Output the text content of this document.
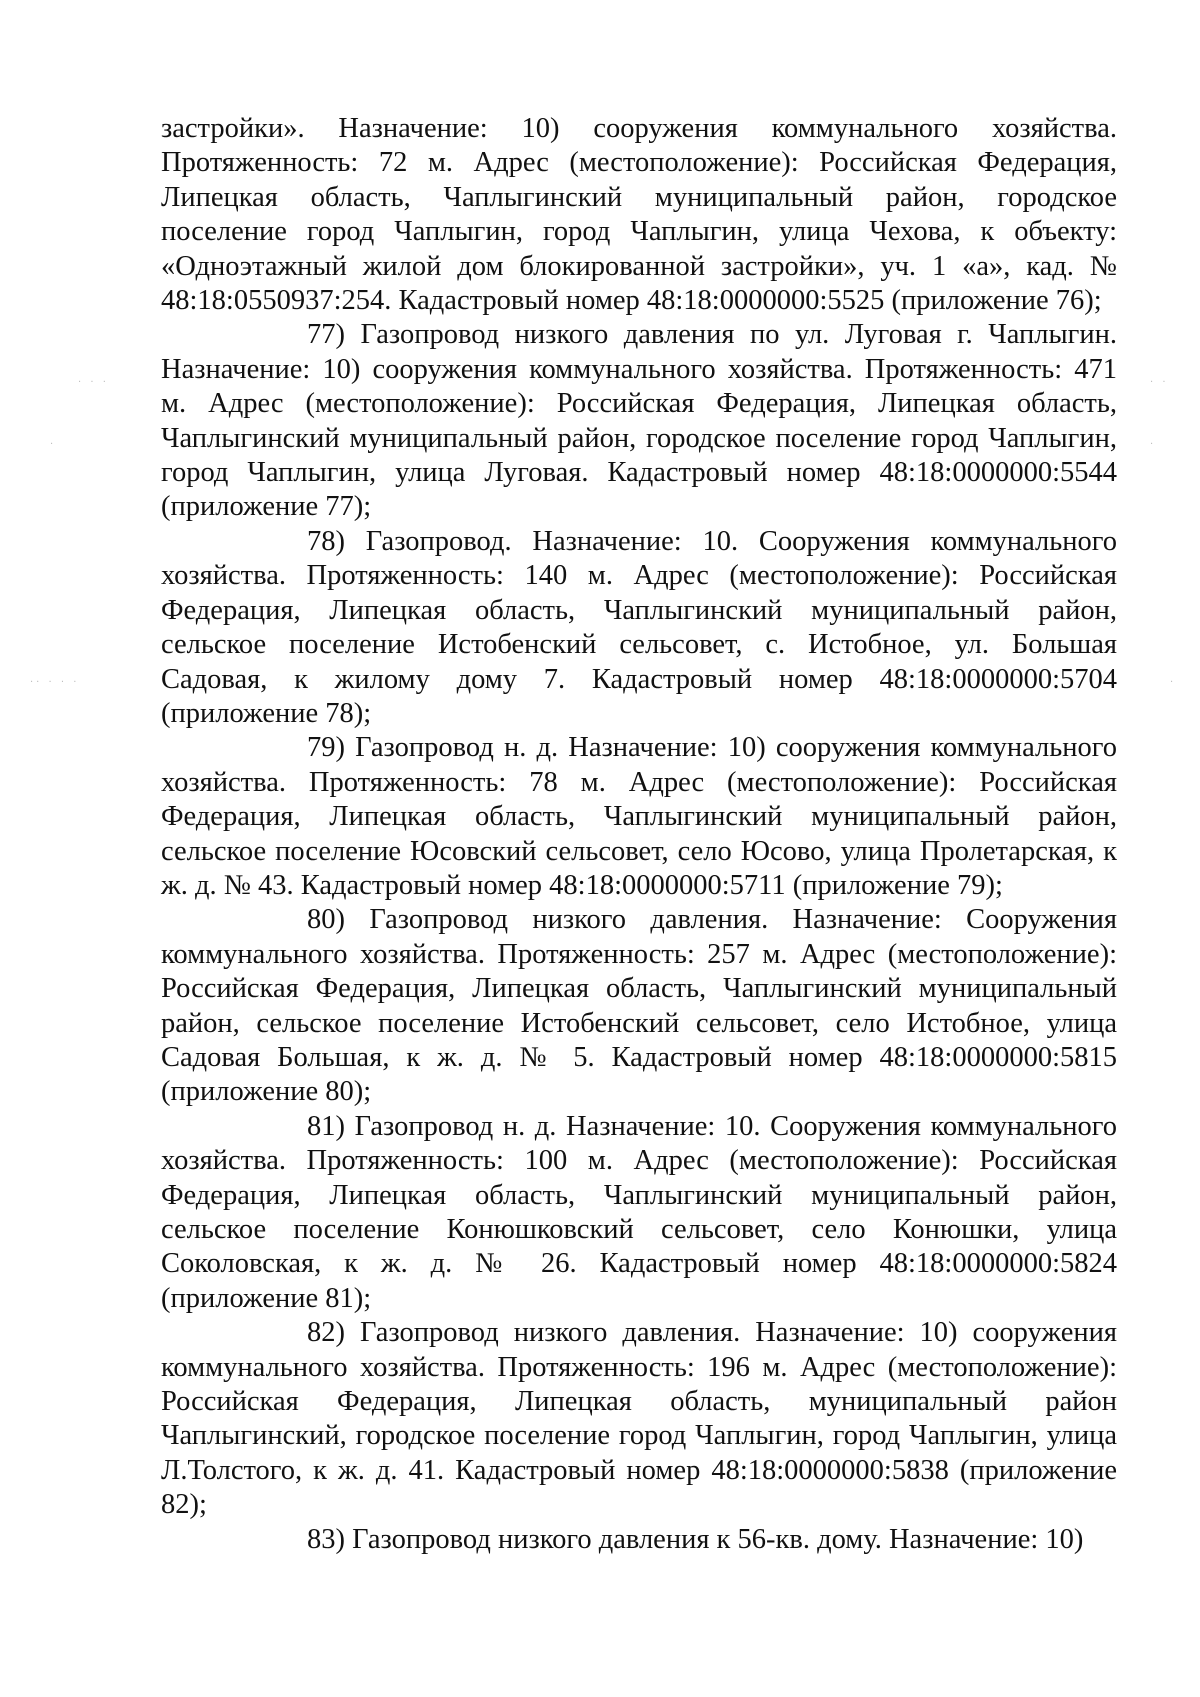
застройки». Назначение: 10) сооружения коммунального хозяйства. Протяженность: 72 м. Адрес (местоположение): Российская Федерация, Липецкая область, Чаплыгинский муниципальный район, городское поселение город Чаплыгин, город Чаплыгин, улица Чехова, к объекту: «Одноэтажный жилой дом блокированной застройки», уч. 1 «а», кад. № 48:18:0550937:254. Кадастровый номер 48:18:0000000:5525 (приложение 76);

77) Газопровод низкого давления по ул. Луговая г. Чаплыгин. Назначение: 10) сооружения коммунального хозяйства. Протяженность: 471 м. Адрес (местоположение): Российская Федерация, Липецкая область, Чаплыгинский муниципальный район, городское поселение город Чаплыгин, город Чаплыгин, улица Луговая. Кадастровый номер 48:18:0000000:5544 (приложение 77);

78) Газопровод. Назначение: 10. Сооружения коммунального хозяйства. Протяженность: 140 м. Адрес (местоположение): Российская Федерация, Липецкая область, Чаплыгинский муниципальный район, сельское поселение Истобенский сельсовет, с. Истобное, ул. Большая Садовая, к жилому дому 7. Кадастровый номер 48:18:0000000:5704 (приложение 78);

79) Газопровод н. д. Назначение: 10) сооружения коммунального хозяйства. Протяженность: 78 м. Адрес (местоположение): Российская Федерация, Липецкая область, Чаплыгинский муниципальный район, сельское поселение Юсовский сельсовет, село Юсово, улица Пролетарская, к ж. д. № 43. Кадастровый номер 48:18:0000000:5711 (приложение 79);

80) Газопровод низкого давления. Назначение: Сооружения коммунального хозяйства. Протяженность: 257 м. Адрес (местоположение): Российская Федерация, Липецкая область, Чаплыгинский муниципальный район, сельское поселение Истобенский сельсовет, село Истобное, улица Садовая Большая, к ж. д. № 5. Кадастровый номер 48:18:0000000:5815 (приложение 80);

81) Газопровод н. д. Назначение: 10. Сооружения коммунального хозяйства. Протяженность: 100 м. Адрес (местоположение): Российская Федерация, Липецкая область, Чаплыгинский муниципальный район, сельское поселение Конюшковский сельсовет, село Конюшки, улица Соколовская, к ж. д. № 26. Кадастровый номер 48:18:0000000:5824 (приложение 81);

82) Газопровод низкого давления. Назначение: 10) сооружения коммунального хозяйства. Протяженность: 196 м. Адрес (местоположение): Российская Федерация, Липецкая область, муниципальный район Чаплыгинский, городское поселение город Чаплыгин, город Чаплыгин, улица Л.Толстого, к ж. д. 41. Кадастровый номер 48:18:0000000:5838 (приложение 82);

83) Газопровод низкого давления к 56-кв. дому. Назначение: 10)

· · ·	· ·
·	·
·· · · ·	·
